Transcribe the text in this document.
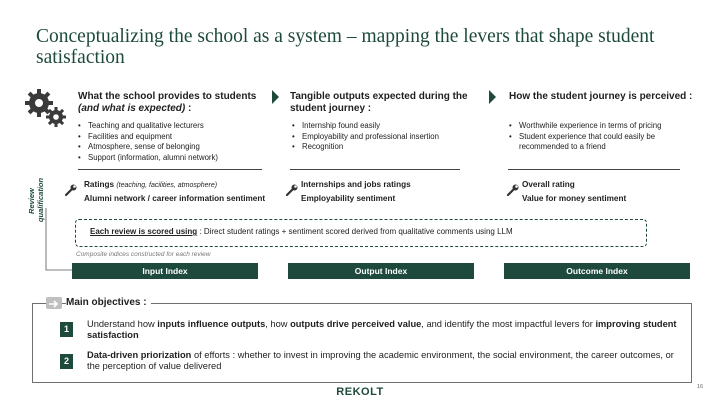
Conceptualizing the school as a system – mapping the levers that shape student satisfaction
What the school provides to students
(and what is expected) :
• Teaching and qualitative lecturers
• Facilities and equipment
• Atmosphere, sense of belonging
• Support (information, alumni network)
Ratings (teaching, facilities, atmosphere)
Alumni network / career information sentiment
Tangible outputs expected during the student journey :
• Internship found easily
• Employability and professional insertion
• Recognition
Internships and jobs ratings
Employability sentiment
How the student journey is perceived :
• Worthwhile experience in terms of pricing
• Student experience that could easily be recommended to a friend
Overall rating
Value for money sentiment
Review qualification
Each review is scored using : Direct student ratings + sentiment scored derived from qualitative comments using LLM
Composite indices constructed for each review
Input Index	Output Index	Outcome Index
Main objectives :
1	Understand how inputs influence outputs, how outputs drive perceived value, and identify the most impactful levers for improving student satisfaction
2
Data-driven priorization of efforts : whether to invest in improving the academic environment, the social environment, the career outcomes, or the perception of value delivered
REKOLT	16
